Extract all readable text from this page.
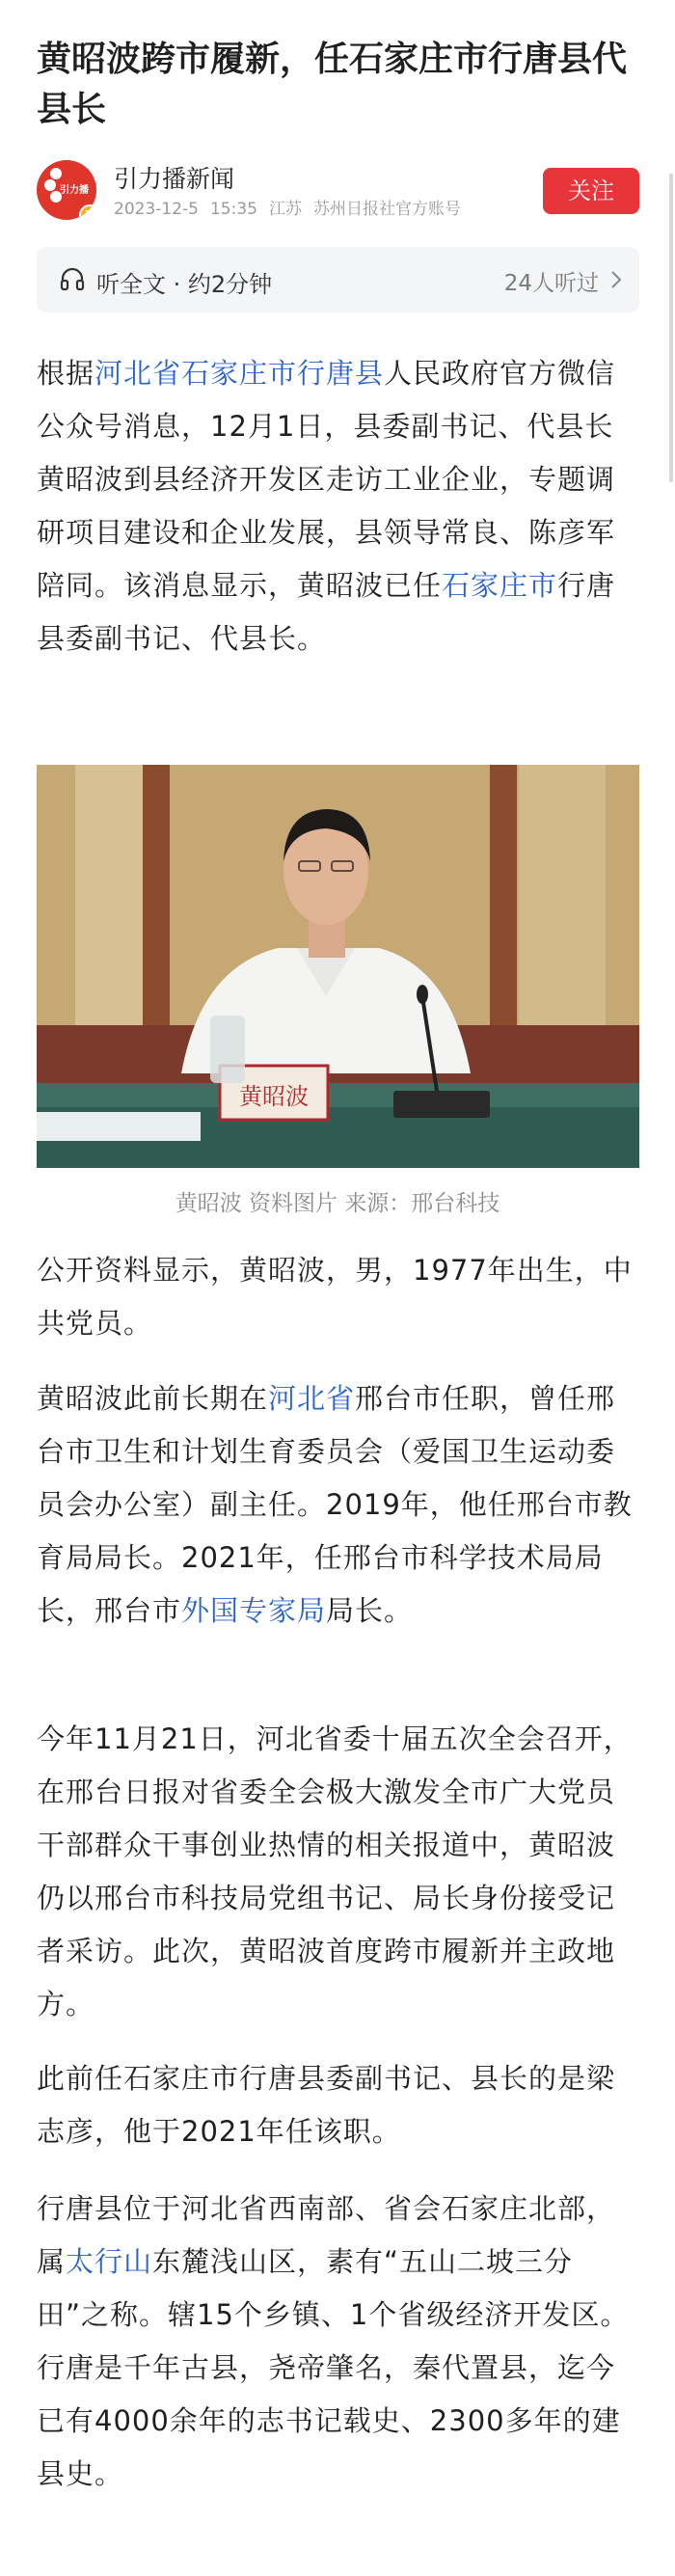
黄昭波跨市履新，任石家庄市行唐县代县长
引力播
V
引力播新闻
2023-12-5 15:35 江苏 苏州日报社官方账号
关注
听全文 · 约2分钟	24人听过
根据河北省石家庄市行唐县人民政府官方微信公众号消息，12月1日，县委副书记、代县长黄昭波到县经济开发区走访工业企业，专题调研项目建设和企业发展，县领导常良、陈彦军陪同。该消息显示，黄昭波已任石家庄市行唐县委副书记、代县长。
黄昭波
黄昭波 资料图片 来源：邢台科技
公开资料显示，黄昭波，男，1977年出生，中共党员。
黄昭波此前长期在河北省邢台市任职，曾任邢台市卫生和计划生育委员会（爱国卫生运动委员会办公室）副主任。2019年，他任邢台市教育局局长。2021年，任邢台市科学技术局局长，邢台市外国专家局局长。
今年11月21日，河北省委十届五次全会召开，在邢台日报对省委全会极大激发全市广大党员干部群众干事创业热情的相关报道中，黄昭波仍以邢台市科技局党组书记、局长身份接受记者采访。此次，黄昭波首度跨市履新并主政地方。
此前任石家庄市行唐县委副书记、县长的是梁志彦，他于2021年任该职。
行唐县位于河北省西南部、省会石家庄北部，属太行山东麓浅山区，素有“五山二坡三分田”之称。辖15个乡镇、1个省级经济开发区。行唐是千年古县，尧帝肇名，秦代置县，迄今已有4000余年的志书记载史、2300多年的建县史。
